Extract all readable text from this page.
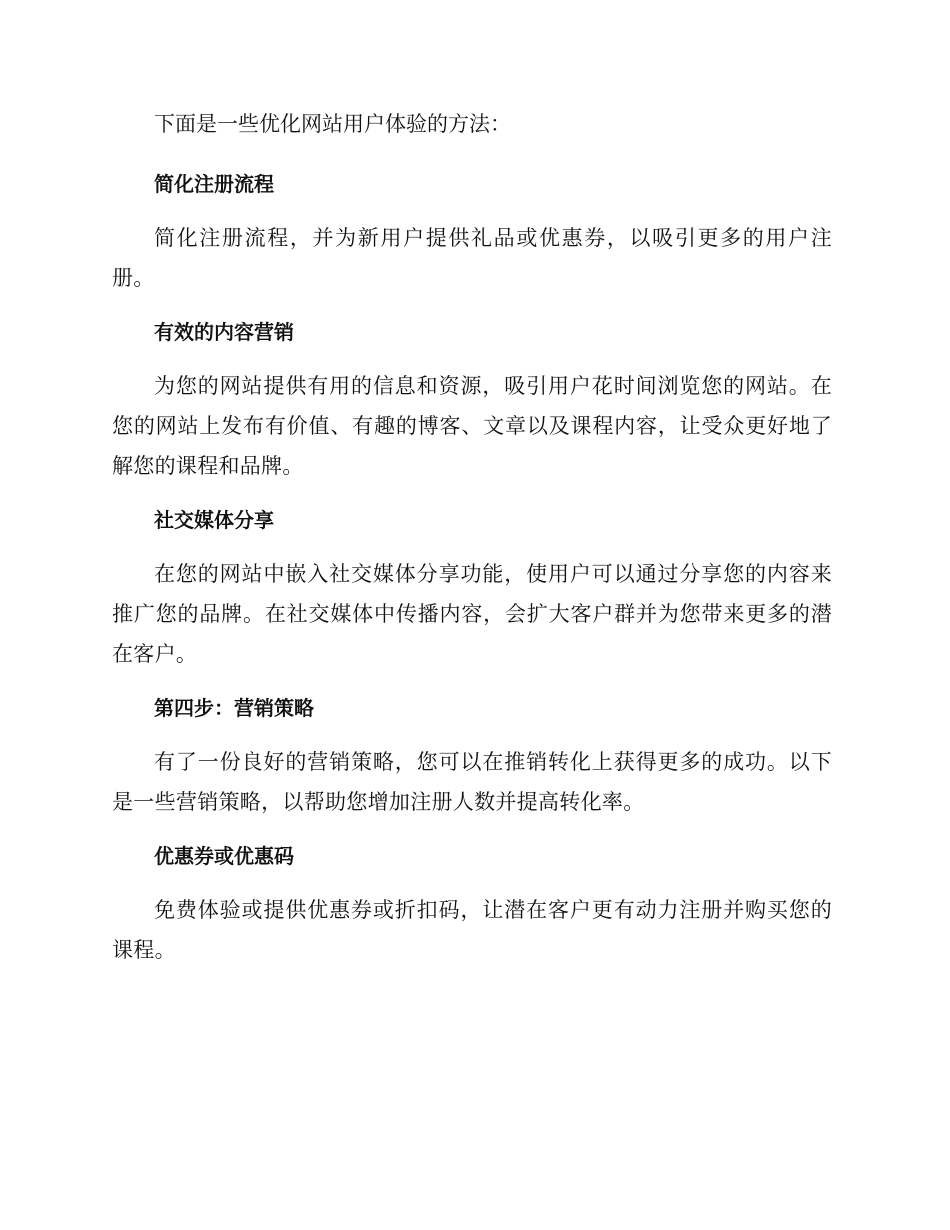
下面是一些优化网站用户体验的方法：

简化注册流程

简化注册流程，并为新用户提供礼品或优惠券，以吸引更多的用户注册。

有效的内容营销

为您的网站提供有用的信息和资源，吸引用户花时间浏览您的网站。在您的网站上发布有价值、有趣的博客、文章以及课程内容，让受众更好地了解您的课程和品牌。

社交媒体分享

在您的网站中嵌入社交媒体分享功能，使用户可以通过分享您的内容来推广您的品牌。在社交媒体中传播内容，会扩大客户群并为您带来更多的潜在客户。

第四步：营销策略

有了一份良好的营销策略，您可以在推销转化上获得更多的成功。以下是一些营销策略，以帮助您增加注册人数并提高转化率。

优惠券或优惠码

免费体验或提供优惠券或折扣码，让潜在客户更有动力注册并购买您的课程。
